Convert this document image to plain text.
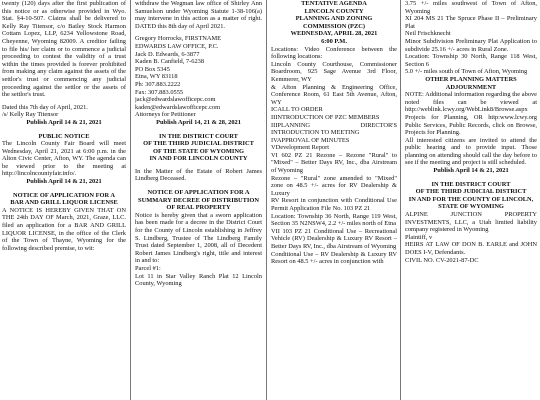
twenty (120) days after the first publication of this notice or as otherwise provided in Wyo. Stat. §4-10-507. Claims shall be delivered to Kelly Ray Titensor, c/o Bailey Stock Harmon Cottam Lopez, LLP, 6234 Yellowstone Road, Cheyenne, Wyoming 82009. A creditor failing to file his/ her claim or to commence a judicial proceeding to contest the validity of a trust within the times provided is forever prohibited from making any claim against the assets of the settlor's trust or commencing any judicial proceeding against the settlor or the assets of the settlor's trust.

Dated this 7th day of April, 2021.

/s/ Kelly Ray Titensor

Publish April 14 & 21, 2021

PUBLIC NOTICE

The Lincoln County Fair Board will meet Wednesday, April 21, 2021 at 6:00 p.m. in the Alton Civic Center, Afton, WY. The agenda can be viewed prior to the meeting at http://lincolncountyfair.info/.

Publish April 14 & 21, 2021

NOTICE OF APPLICATION FOR A

BAR AND GRILL LIQUOR LICENSE

A NOTICE IS HEREBY GIVEN THAT ON THE 24th DAY OF March, 2021, Graze, LLC. filed an application for a BAR AND GRILL LIQUOR LICENSE, in the office of the Clerk of the Town of Thayne, Wyoming for the following described premise, to wit:

withdraw the Wegman law office of Shirley Ann Samuelson under Wyoming Statute 1-38-106(a) may intervene in this action as a matter of right. DATED this 8th day of April 2021.

Gregory Horrocks, FIRSTNAME

EDWARDS LAW OFFICE, P.C.

Jack D. Edwards, 6-3877

Kaden B. Canfield, 7-6238

PO Box 5345

Etna, WY 83118

Ph: 307.883.2222

Fax: 307.883.0555

jack@edwardslawofficepc.com

kaden@edwardslawofficepc.com

Attorneys for Petitioner

Publish April 14, 21 & 28, 2021

IN THE DISTRICT COURT

OF THE THIRD JUDICIAL DISTRICT

OF THE STATE OF WYOMING

IN AND FOR LINCOLN COUNTY

In the Matter of the Estate of Robert James Lindberg Deceased.

NOTICE OF APPLICATION FOR A SUMMARY DECREE OF DISTRIBUTION OF REAL PROPERTY

Notice is hereby given that a sworn application has been made for a decree in the District Court for the County of Lincoln establishing in Jeffrey S. Lindberg, Trustee of The Lindberg Family Trust dated September 1, 2008, all of Decedent Robert James Lindberg's right, title and interest in and to:

Parcel #1:

Lot 11 in Star Valley Ranch Plat 12 Lincoln County, Wyoming

TENTATIVE AGENDA

LINCOLN COUNTY

PLANNING AND ZONING

COMMISSION (PZC)

WEDNESDAY, APRIL 28, 2021

6:00 P.M.

Locations: Video Conference between the following locations:

Lincoln County Courthouse, Commissioner Boardroom, 925 Sage Avenue 3rd Floor, Kemmerer, WY

& Afton Planning & Engineering Office, Conference Room, 61 East 5th Avenue, Afton, WY

ICALL TO ORDER

IIINTRODUCTION OF PZC MEMBERS

IIIPLANNING DIRECTOR'S INTRODUCTION TO MEETING

IVAPPROVAL OF MINUTES

VDevelopment Report

VI 602 PZ 21 Rezone – Rezone "Rural" to "Mixed" – Better Days RV, Inc., dba Airstream of Wyoming

Rezone – "Rural" zone amended to "Mixed" zone on 48.5 +/- acres for RV Dealership & Luxury

RV Resort in conjunction with Conditional Use Permit Application File No. 103 PZ 21

Location: Township 36 North, Range 119 West, Section 35 N2NSW4, 2.2 +/- miles north of Etna

VII 103 PZ 21 Conditional Use – Recreational Vehicle (RV) Dealership & Luxury RV Resort – Better Days RV, Inc., dba Airstream of Wyoming

Conditional Use – RV Dealership & Luxury RV Resort on 48.5 +/- acres in conjunction with

3.75 +/- miles southwest of Town of Afton, Wyoming

XI 204 MS 21 The Spruce Phase II – Preliminary Plat

Neil Frischknecht

Minor Subdivision Preliminary Plat Application to subdivide 25.16 +/- acres in Rural Zone.

Location: Township 30 North, Range 118 West, Section 6

5.0 +/- miles south of Town of Afton, Wyoming

OTHER PLANNING MATTERS

ADJOURNMENT

NOTE: Additional information regarding the above noted files can be viewed at http://weblink.lcwy.org/WebLink8/Browse.aspx Projects for Planning, OR http:www.lcwy.org Public Services, Public Records, click on Browse, Projects for Planning.

All interested citizens are invited to attend the public hearing and to provide input. Those planning on attending should call the day before to see if the meeting and project is still scheduled.

Publish April 14 & 21, 2021

IN THE DISTRICT COURT

OF THE THIRD JUDICIAL DISTRICT

IN AND FOR THE COUNTY OF LINCOLN, STATE OF WYOMING

ALPINE JUNCTION PROPERTY INVESTMENTS, LLC, a Utah limited liability company registered in Wyoming

Plaintiff, v

HEIRS AT LAW OF DON B. EARLE and JOHN DOES I-V, Defendants.

CIVIL NO. CV-2021-87-DC
